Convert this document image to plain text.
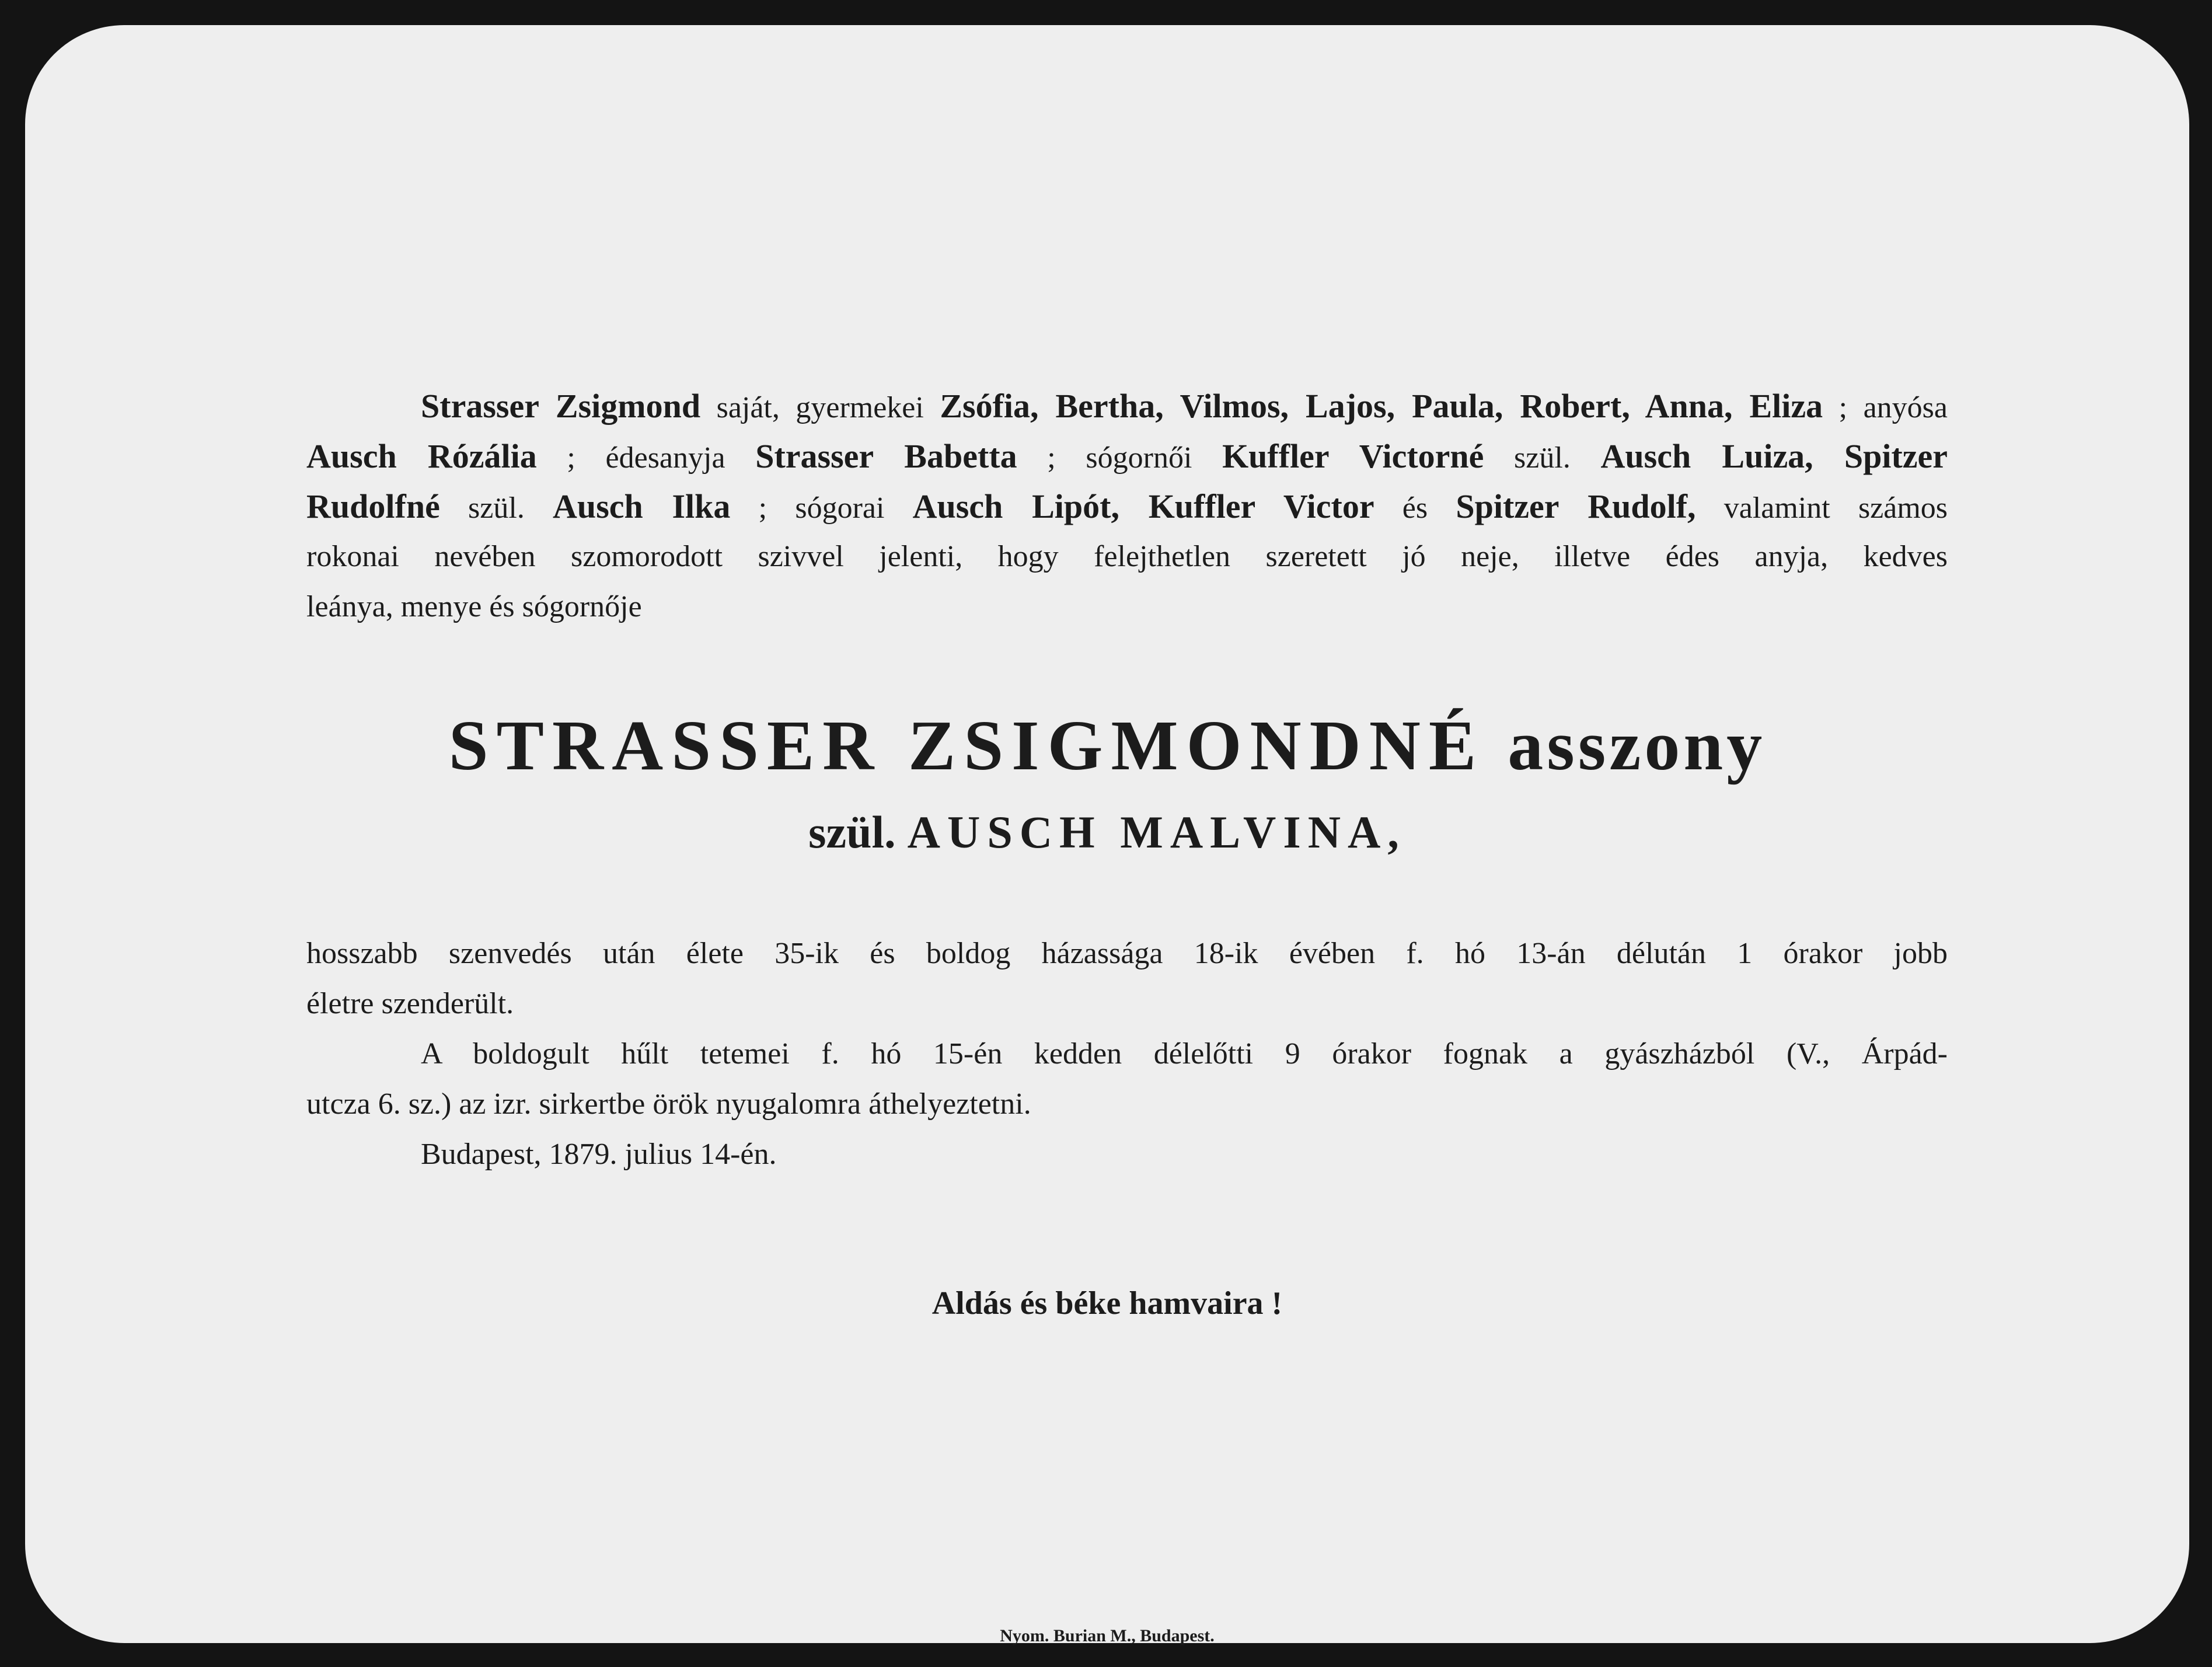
Strasser Zsigmond saját, gyermekei Zsófia, Bertha, Vilmos, Lajos, Paula, Robert, Anna, Eliza ; anyósa
Ausch Rózália ; édesanyja Strasser Babetta ; sógornői Kuffler Victorné szül. Ausch Luiza, Spitzer
Rudolfné szül. Ausch Ilka ; sógorai Ausch Lipót, Kuffler Victor és Spitzer Rudolf, valamint számos
rokonai nevében szomorodott szivvel jelenti, hogy felejthetlen szeretett jó neje, illetve édes anyja, kedves
leánya, menye és sógornője
STRASSER ZSIGMONDNÉ asszony
szül. AUSCH MALVINA,
hosszabb szenvedés után élete 35-ik és boldog házassága 18-ik évében f. hó 13-án délután 1 órakor jobb
életre szenderült.
A boldogult hűlt tetemei f. hó 15-én kedden délelőtti 9 órakor fognak a gyászházból (V., Árpád-
utcza 6. sz.) az izr. sirkertbe örök nyugalomra áthelyeztetni.
Budapest, 1879. julius 14-én.
Aldás és béke hamvaira !
Nyom. Burian M., Budapest.
